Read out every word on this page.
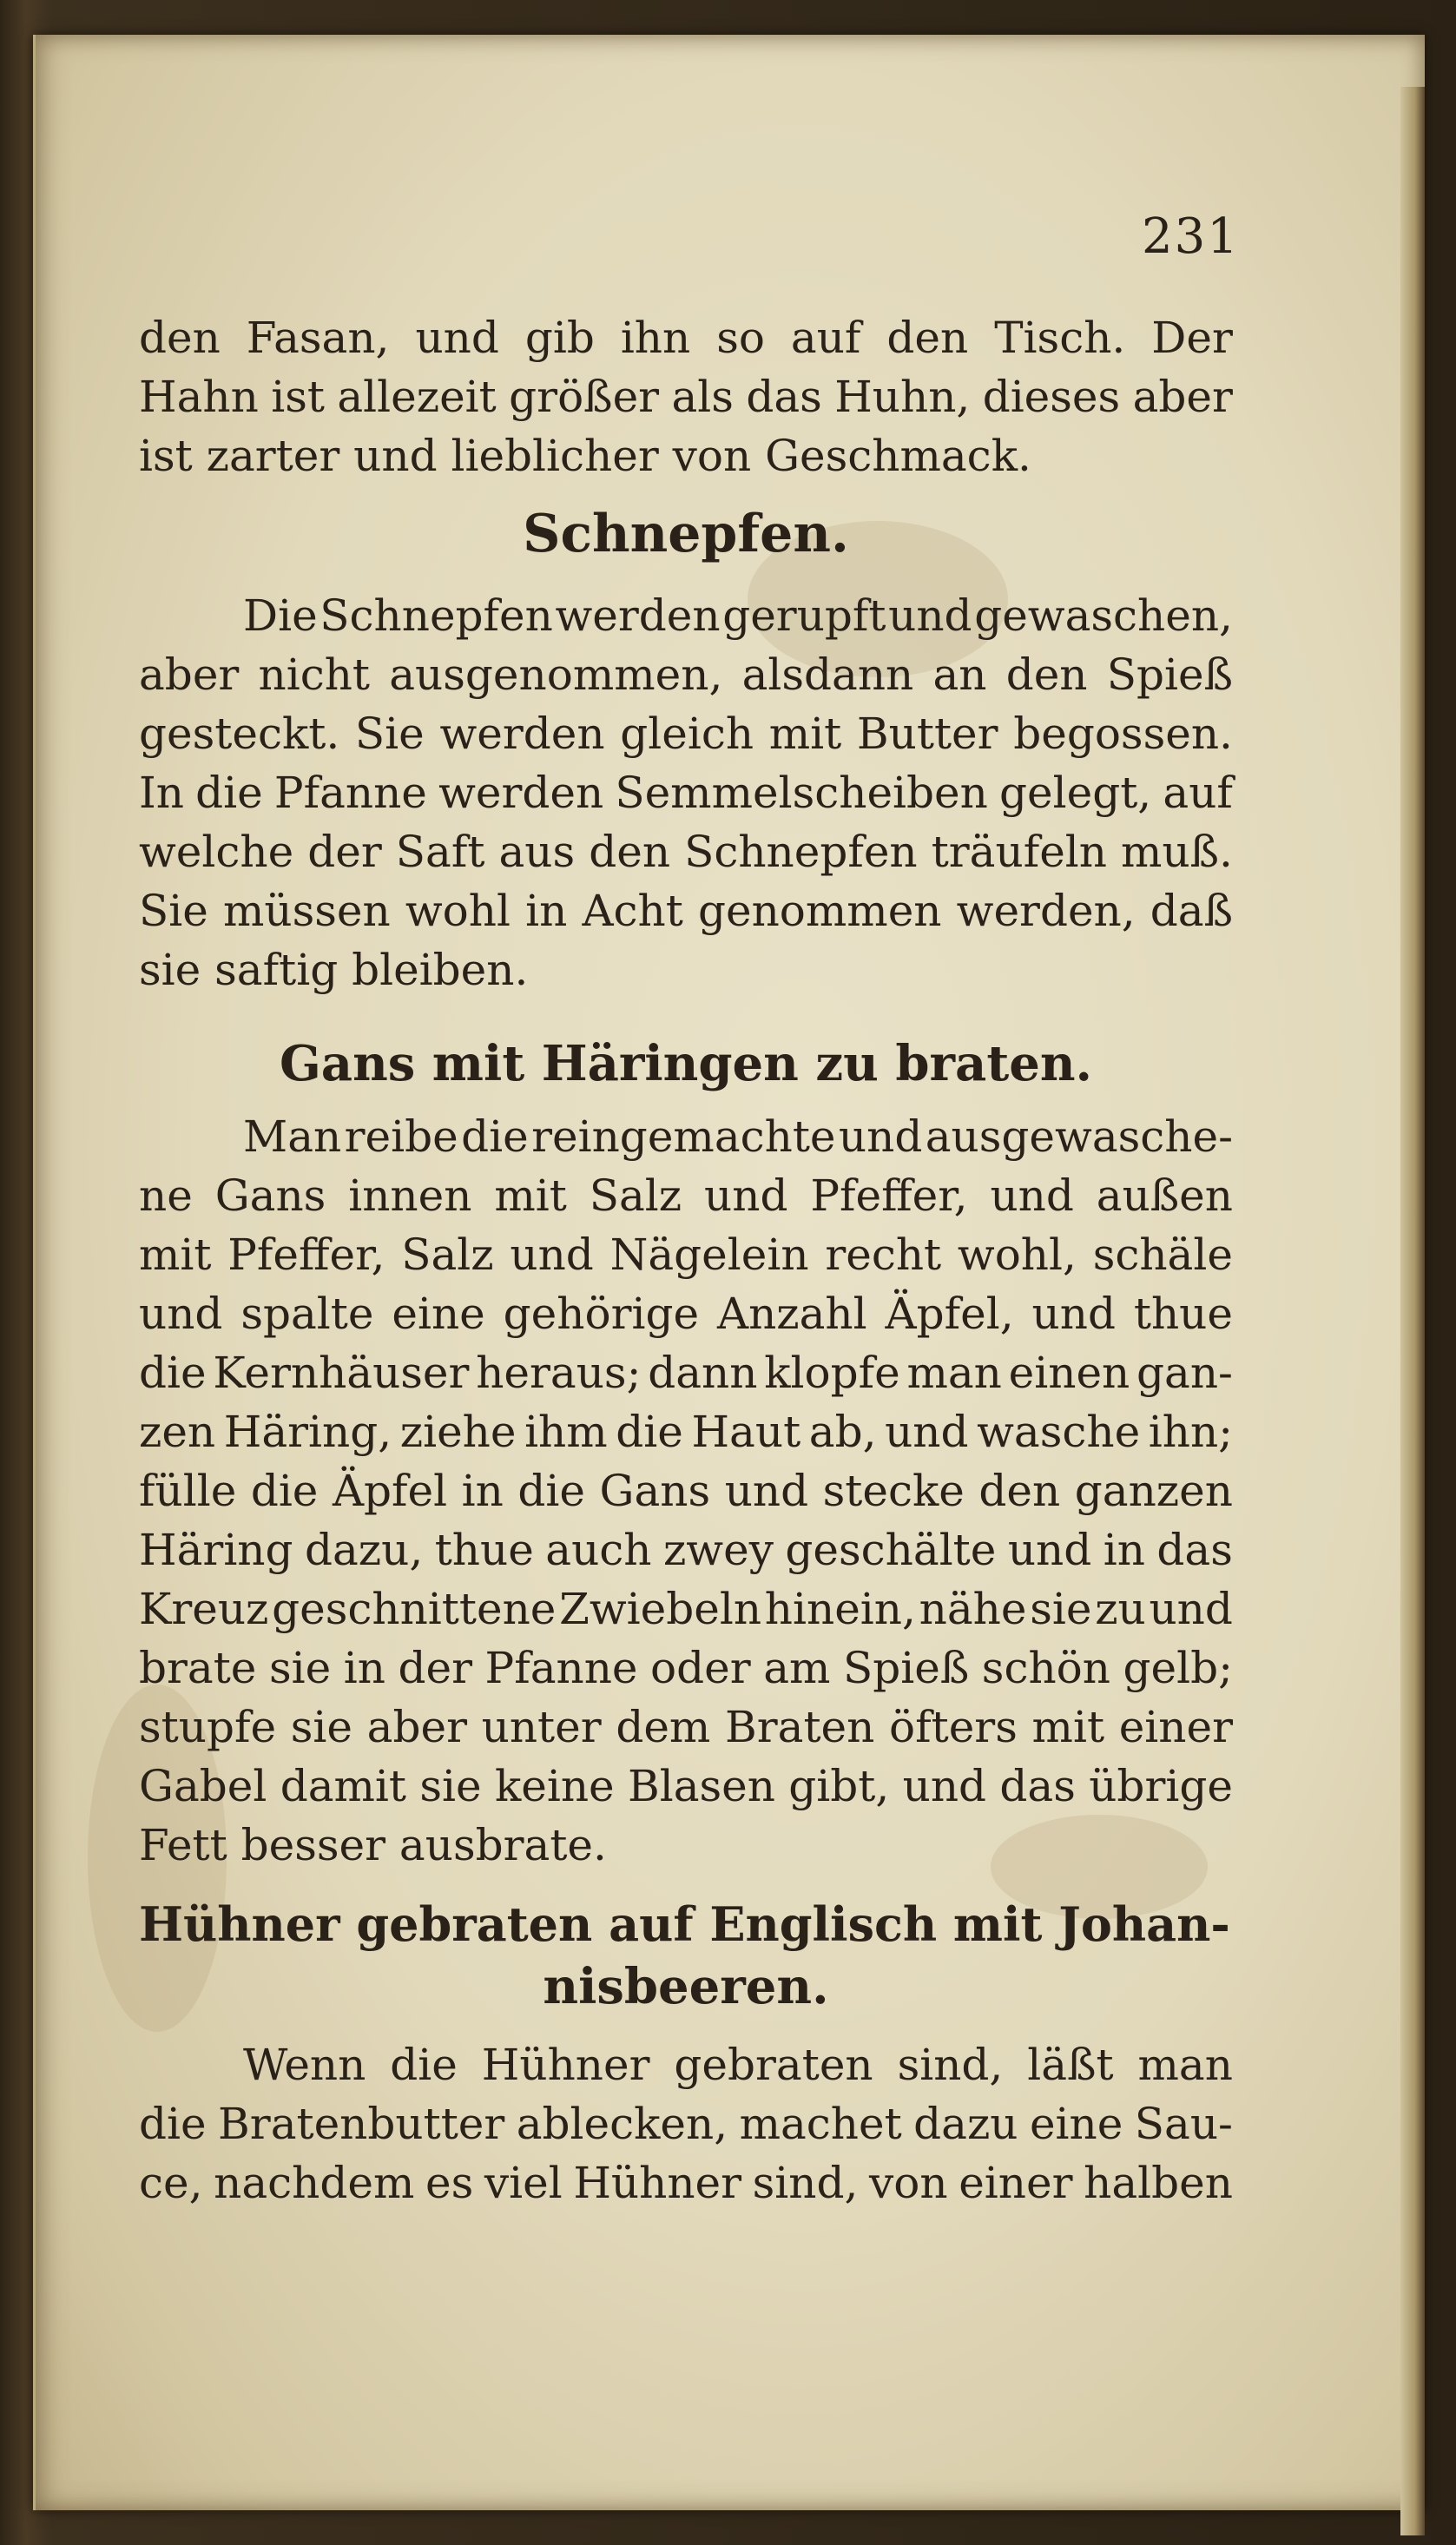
231
den Fasan, und gib ihn so auf den Tisch. Der
Hahn ist allezeit größer als das Huhn, dieses aber
ist zarter und lieblicher von Geschmack.
Schnepfen.
Die Schnepfen werden gerupft und gewaschen,
aber nicht ausgenommen, alsdann an den Spieß
gesteckt. Sie werden gleich mit Butter begossen.
In die Pfanne werden Semmelscheiben gelegt, auf
welche der Saft aus den Schnepfen träufeln muß.
Sie müssen wohl in Acht genommen werden, daß
sie saftig bleiben.
Gans mit Häringen zu braten.
Man reibe die reingemachte und ausgewasche-
ne Gans innen mit Salz und Pfeffer, und außen
mit Pfeffer, Salz und Nägelein recht wohl, schäle
und spalte eine gehörige Anzahl Äpfel, und thue
die Kernhäuser heraus; dann klopfe man einen gan-
zen Häring, ziehe ihm die Haut ab, und wasche ihn;
fülle die Äpfel in die Gans und stecke den ganzen
Häring dazu, thue auch zwey geschälte und in das
Kreuz geschnittene Zwiebeln hinein, nähe sie zu und
brate sie in der Pfanne oder am Spieß schön gelb;
stupfe sie aber unter dem Braten öfters mit einer
Gabel damit sie keine Blasen gibt, und das übrige
Fett besser ausbrate.
Hühner gebraten auf Englisch mit Johan-
nisbeeren.
Wenn die Hühner gebraten sind, läßt man
die Bratenbutter ablecken, machet dazu eine Sau-
ce, nachdem es viel Hühner sind, von einer halben
